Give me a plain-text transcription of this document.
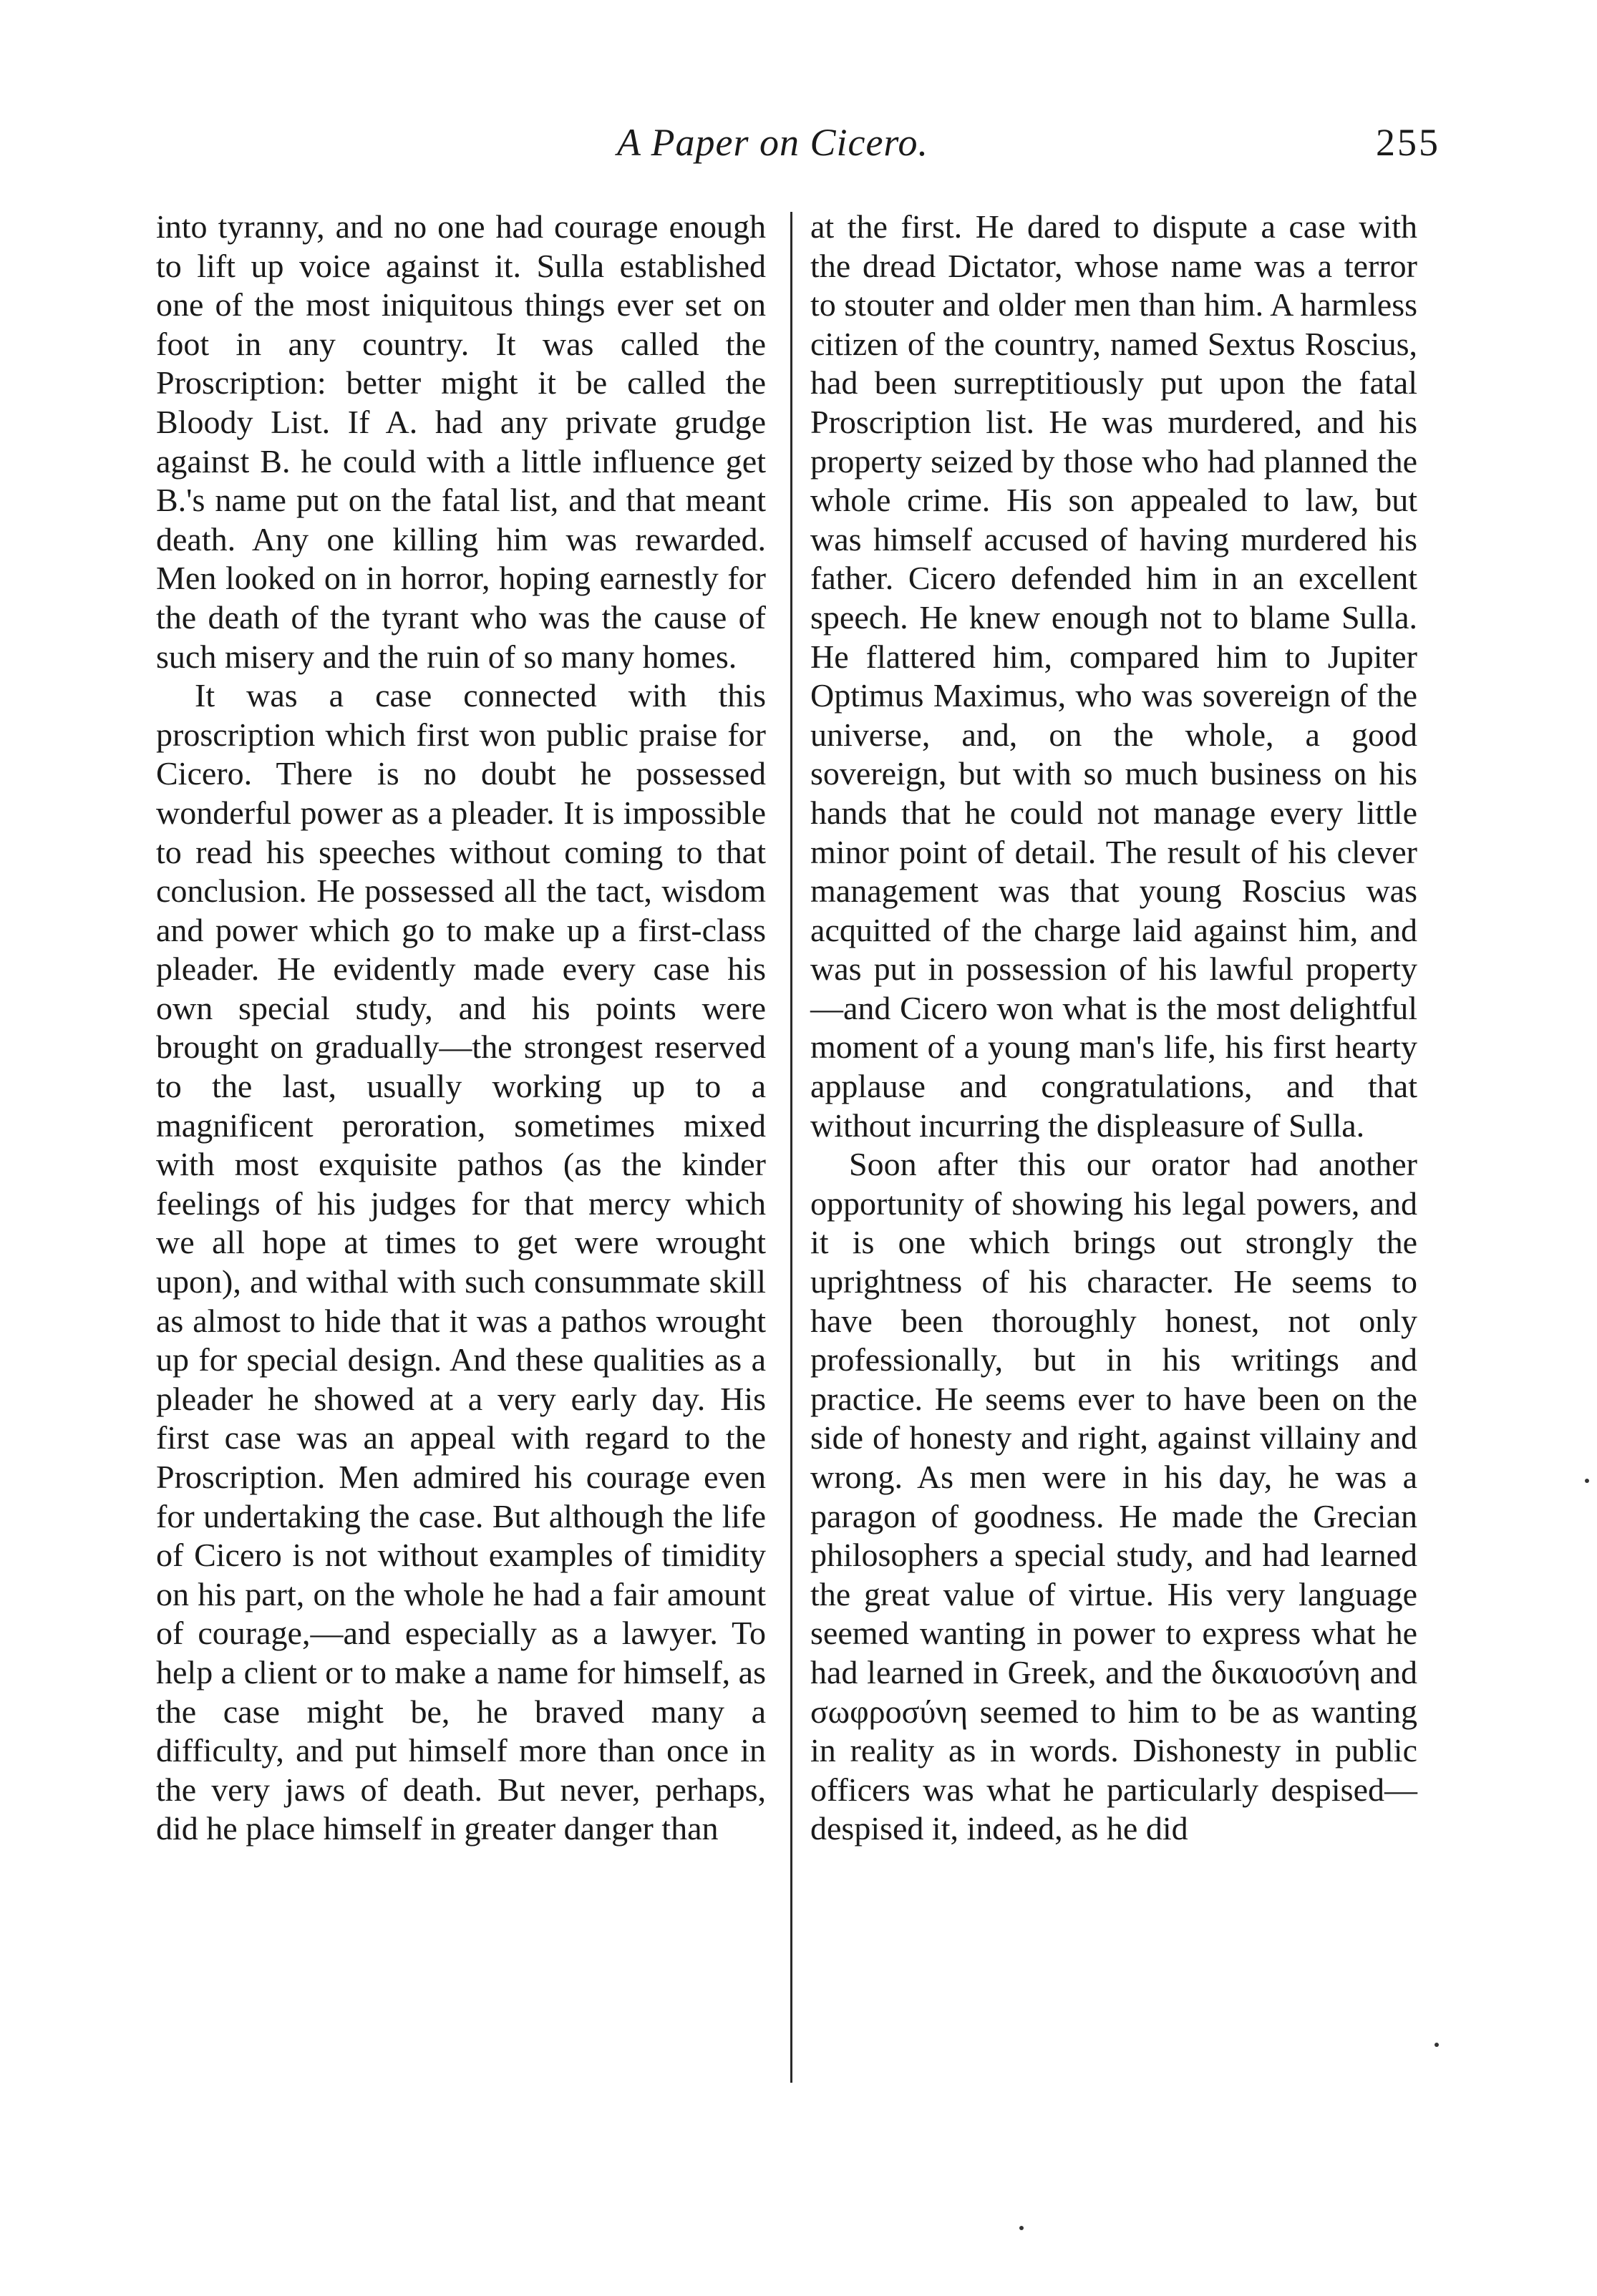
A Paper on Cicero.	255

into tyranny, and no one had courage enough to lift up voice against it. Sulla established one of the most iniquitous things ever set on foot in any country. It was called the Proscription: better might it be called the Bloody List. If A. had any private grudge against B. he could with a little influence get B.'s name put on the fatal list, and that meant death. Any one killing him was rewarded. Men looked on in horror, hoping earnestly for the death of the tyrant who was the cause of such misery and the ruin of so many homes.

It was a case connected with this proscription which first won public praise for Cicero. There is no doubt he possessed wonderful power as a pleader. It is impossible to read his speeches without coming to that conclusion. He possessed all the tact, wisdom and power which go to make up a first-class pleader. He evidently made every case his own special study, and his points were brought on gradually—the strongest reserved to the last, usually working up to a magnificent peroration, sometimes mixed with most exquisite pathos (as the kinder feelings of his judges for that mercy which we all hope at times to get were wrought upon), and withal with such consummate skill as almost to hide that it was a pathos wrought up for special design. And these qualities as a pleader he showed at a very early day. His first case was an appeal with regard to the Proscription. Men admired his courage even for undertaking the case. But although the life of Cicero is not without examples of timidity on his part, on the whole he had a fair amount of courage,—and especially as a lawyer. To help a client or to make a name for himself, as the case might be, he braved many a difficulty, and put himself more than once in the very jaws of death. But never, perhaps, did he place himself in greater danger than

at the first. He dared to dispute a case with the dread Dictator, whose name was a terror to stouter and older men than him. A harmless citizen of the country, named Sextus Roscius, had been surreptitiously put upon the fatal Proscription list. He was murdered, and his property seized by those who had planned the whole crime. His son appealed to law, but was himself accused of having murdered his father. Cicero defended him in an excellent speech. He knew enough not to blame Sulla. He flattered him, compared him to Jupiter Optimus Maximus, who was sovereign of the universe, and, on the whole, a good sovereign, but with so much business on his hands that he could not manage every little minor point of detail. The result of his clever management was that young Roscius was acquitted of the charge laid against him, and was put in possession of his lawful property—and Cicero won what is the most delightful moment of a young man's life, his first hearty applause and congratulations, and that without incurring the displeasure of Sulla.

Soon after this our orator had another opportunity of showing his legal powers, and it is one which brings out strongly the uprightness of his character. He seems to have been thoroughly honest, not only professionally, but in his writings and practice. He seems ever to have been on the side of honesty and right, against villainy and wrong. As men were in his day, he was a paragon of goodness. He made the Grecian philosophers a special study, and had learned the great value of virtue. His very language seemed wanting in power to express what he had learned in Greek, and the δικαιοσύνη and σωφροσύνη seemed to him to be as wanting in reality as in words. Dishonesty in public officers was what he particularly despised—despised it, indeed, as he did
